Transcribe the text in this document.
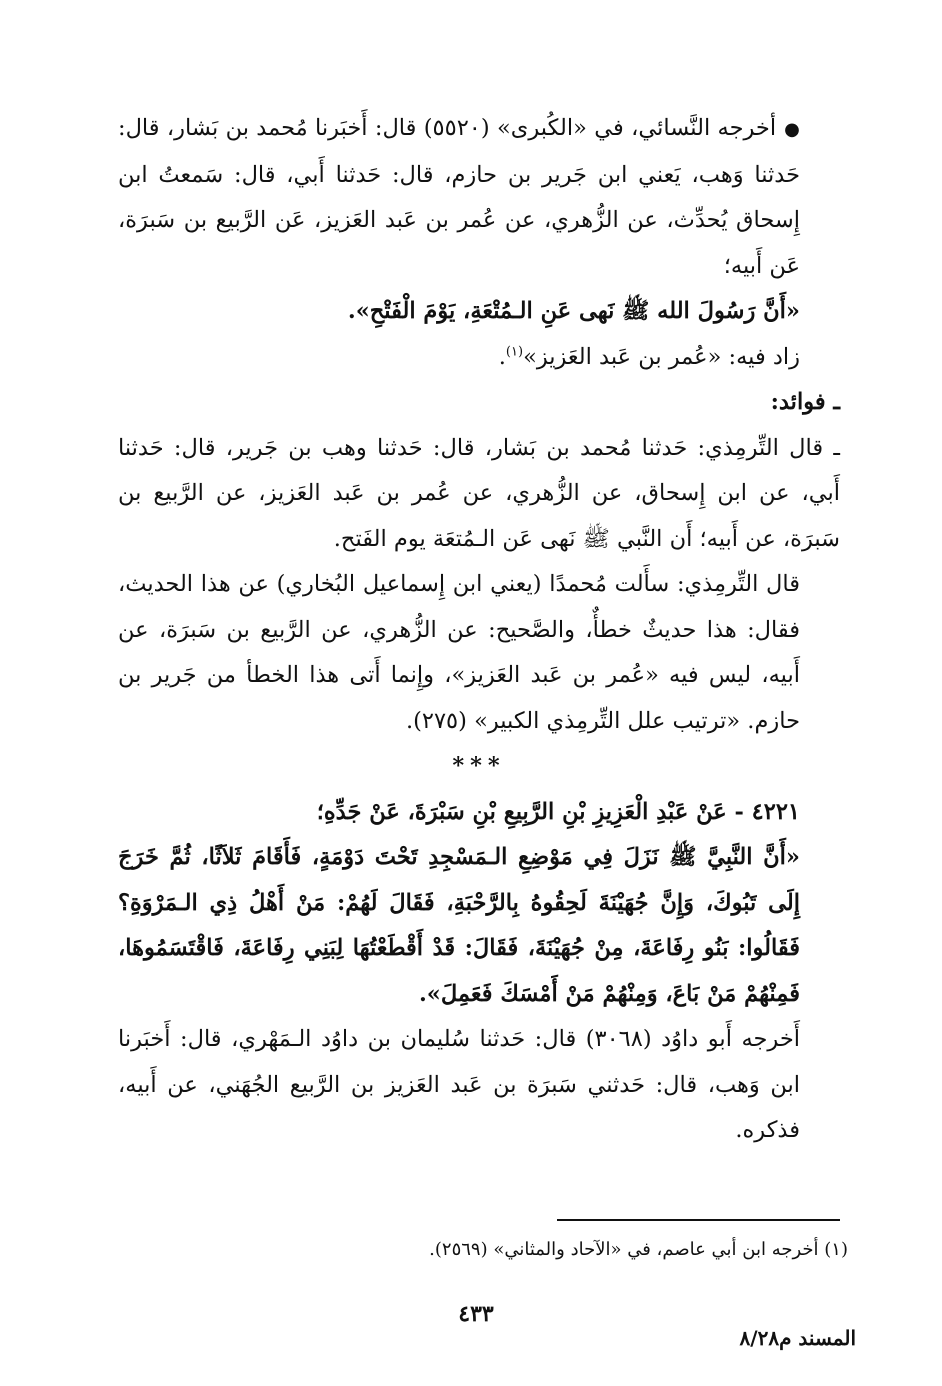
●أخرجه النَّسائي، في «الكُبرى» (٥٥٢٠) قال: أَخبَرنا مُحمد بن بَشار، قال: حَدثنا وَهب، يَعني ابن جَرير بن حازم، قال: حَدثنا أَبي، قال: سَمعتُ ابن إِسحاق يُحدِّث، عن الزُّهري، عن عُمر بن عَبد العَزيز، عَن الرَّبيع بن سَبرَة، عَن أَبيه؛

«أَنَّ رَسُولَ الله ﷺ نَهى عَنِ الـمُتْعَةِ، يَوْمَ الْفَتْحِ».

زاد فيه: «عُمر بن عَبد العَزيز»$^{(١)}$.

ـ فوائد:

ـ قال التِّرمِذي: حَدثنا مُحمد بن بَشار، قال: حَدثنا وهب بن جَرير، قال: حَدثنا أَبي، عن ابن إِسحاق، عن الزُّهري، عن عُمر بن عَبد العَزيز، عن الرَّبيع بن سَبرَة، عن أَبيه؛ أَن النَّبي ﷺ نَهى عَن الـمُتعَة يوم الفَتح.

قال التِّرمِذي: سأَلت مُحمدًا (يعني ابن إِسماعيل البُخاري) عن هذا الحديث، فقال: هذا حديثٌ خطأٌ، والصَّحيح: عن الزُّهري، عن الرَّبيع بن سَبرَة، عن أَبيه، ليس فيه «عُمر بن عَبد العَزيز»، وإِنما أَتى هذا الخطأ من جَرير بن حازم. «ترتيب علل التِّرمِذي الكبير» (٢٧٥).

***

٤٢٢١ - عَنْ عَبْدِ الْعَزِيزِ بْنِ الرَّبِيعِ بْنِ سَبْرَةَ، عَنْ جَدِّهِ؛

«أَنَّ النَّبِيَّ ﷺ نَزَلَ فِي مَوْضِعِ الـمَسْجِدِ تَحْتَ دَوْمَةٍ، فَأَقَامَ ثَلاَثًا، ثُمَّ خَرَجَ إِلَى تَبُوكَ، وَإِنَّ جُهَيْنَةَ لَحِقُوهُ بِالرَّحْبَةِ، فَقَالَ لَهُمْ: مَنْ أَهْلُ ذِي الـمَرْوَةِ؟ فَقَالُوا: بَنُو رِفَاعَةَ، مِنْ جُهَيْنَةَ، فَقَالَ: قَدْ أَقْطَعْتُهَا لِبَنِي رِفَاعَةَ، فَاقْتَسَمُوهَا، فَمِنْهُمْ مَنْ بَاعَ، وَمِنْهُمْ مَنْ أَمْسَكَ فَعَمِلَ».

أَخرجه أَبو داوُد (٣٠٦٨) قال: حَدثنا سُليمان بن داوُد الـمَهْري، قال: أَخبَرنا ابن وَهب، قال: حَدثني سَبرَة بن عَبد العَزيز بن الرَّبيع الجُهَني، عن أَبيه، فذكره.

(١) أخرجه ابن أبي عاصم، في «الآحاد والمثاني» (٢٥٦٩).
٤٣٣
المسند م٨/٢٨
